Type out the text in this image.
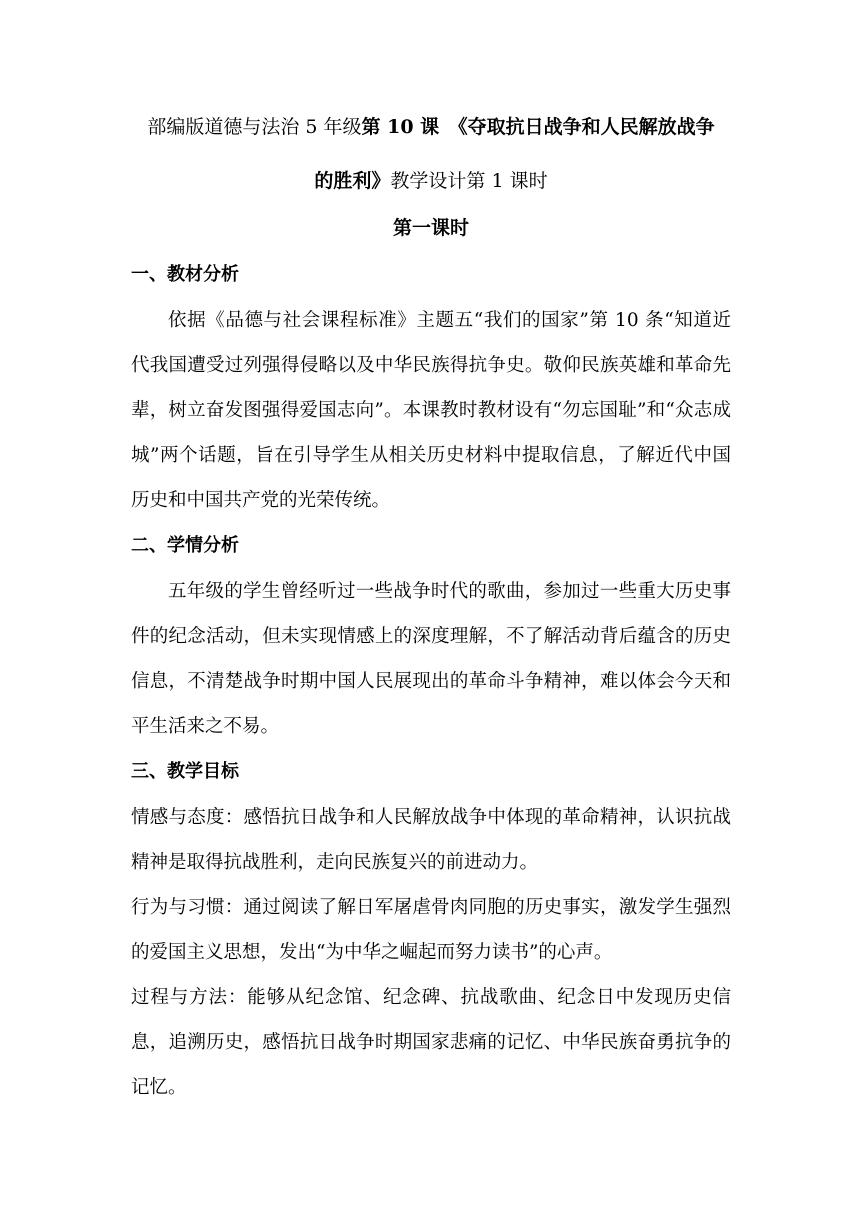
部编版道德与法治 5 年级第 10 课　《夺取抗日战争和人民解放战争
的胜利》教学设计第 1 课时

第一课时

一、教材分析

依据《品德与社会课程标准》主题五“我们的国家”第 10 条“知道近代我国遭受过列强得侵略以及中华民族得抗争史。敬仰民族英雄和革命先辈，树立奋发图强得爱国志向”。本课教时教材设有“勿忘国耻”和“众志成城”两个话题，旨在引导学生从相关历史材料中提取信息，了解近代中国历史和中国共产党的光荣传统。

二、学情分析

五年级的学生曾经听过一些战争时代的歌曲，参加过一些重大历史事件的纪念活动，但未实现情感上的深度理解，不了解活动背后蕴含的历史信息，不清楚战争时期中国人民展现出的革命斗争精神，难以体会今天和平生活来之不易。

三、教学目标

情感与态度：感悟抗日战争和人民解放战争中体现的革命精神，认识抗战精神是取得抗战胜利，走向民族复兴的前进动力。

行为与习惯：通过阅读了解日军屠虐骨肉同胞的历史事实，激发学生强烈的爱国主义思想，发出“为中华之崛起而努力读书”的心声。

过程与方法：能够从纪念馆、纪念碑、抗战歌曲、纪念日中发现历史信息，追溯历史，感悟抗日战争时期国家悲痛的记忆、中华民族奋勇抗争的记忆。
